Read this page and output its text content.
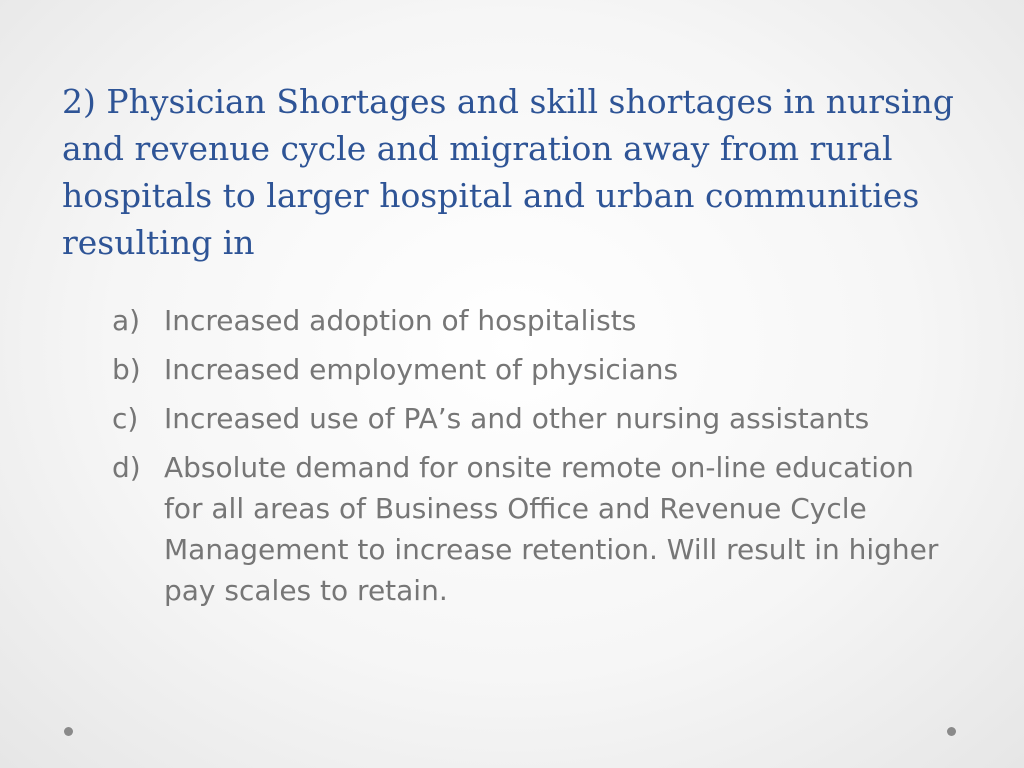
2) Physician Shortages and skill shortages in nursing and revenue cycle and migration away from rural hospitals to larger hospital and urban communities resulting in
a) Increased adoption of hospitalists
b) Increased employment of physicians
c) Increased use of PA’s and other nursing assistants
d) Absolute demand for onsite remote on-line education for all areas of Business Office and Revenue Cycle Management to increase retention. Will result in higher pay scales to retain.
